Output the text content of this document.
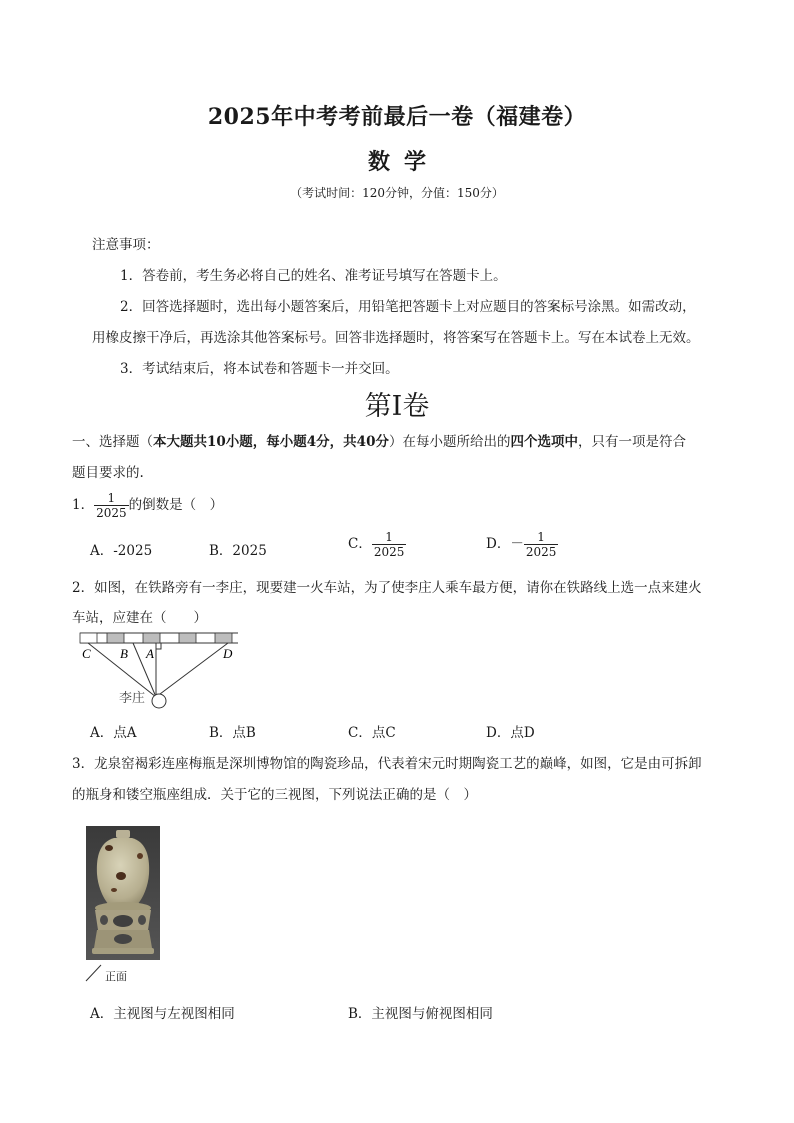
2025年中考考前最后一卷（福建卷）
数学
（考试时间：120分钟，分值：150分）
注意事项：
1．答卷前，考生务必将自己的姓名、准考证号填写在答题卡上。
2．回答选择题时，选出每小题答案后，用铅笔把答题卡上对应题目的答案标号涂黑。如需改动，
用橡皮擦干净后，再选涂其他答案标号。回答非选择题时，将答案写在答题卡上。写在本试卷上无效。
3．考试结束后，将本试卷和答题卡一并交回。
第Ⅰ卷
一、选择题（本大题共10小题，每小题4分，共40分）在每小题所给出的四个选项中，只有一项是符合
题目要求的.
1． $\frac{1}{2025}$ 的倒数是（　）
A．-2025	B．2025	C． $\frac{1}{2025}$	D．－ $\frac{1}{2025}$
2．如图，在铁路旁有一李庄，现要建一火车站，为了使李庄人乘车最方便，请你在铁路线上选一点来建火
车站，应建在（　　）
C B A	D
李庄
A．点A	B．点B	C．点C	D．点D
3．龙泉窑褐彩连座梅瓶是深圳博物馆的陶瓷珍品，代表着宋元时期陶瓷工艺的巅峰，如图，它是由可拆卸
的瓶身和镂空瓶座组成．关于它的三视图，下列说法正确的是（　）
正面
A．主视图与左视图相同	B．主视图与俯视图相同
